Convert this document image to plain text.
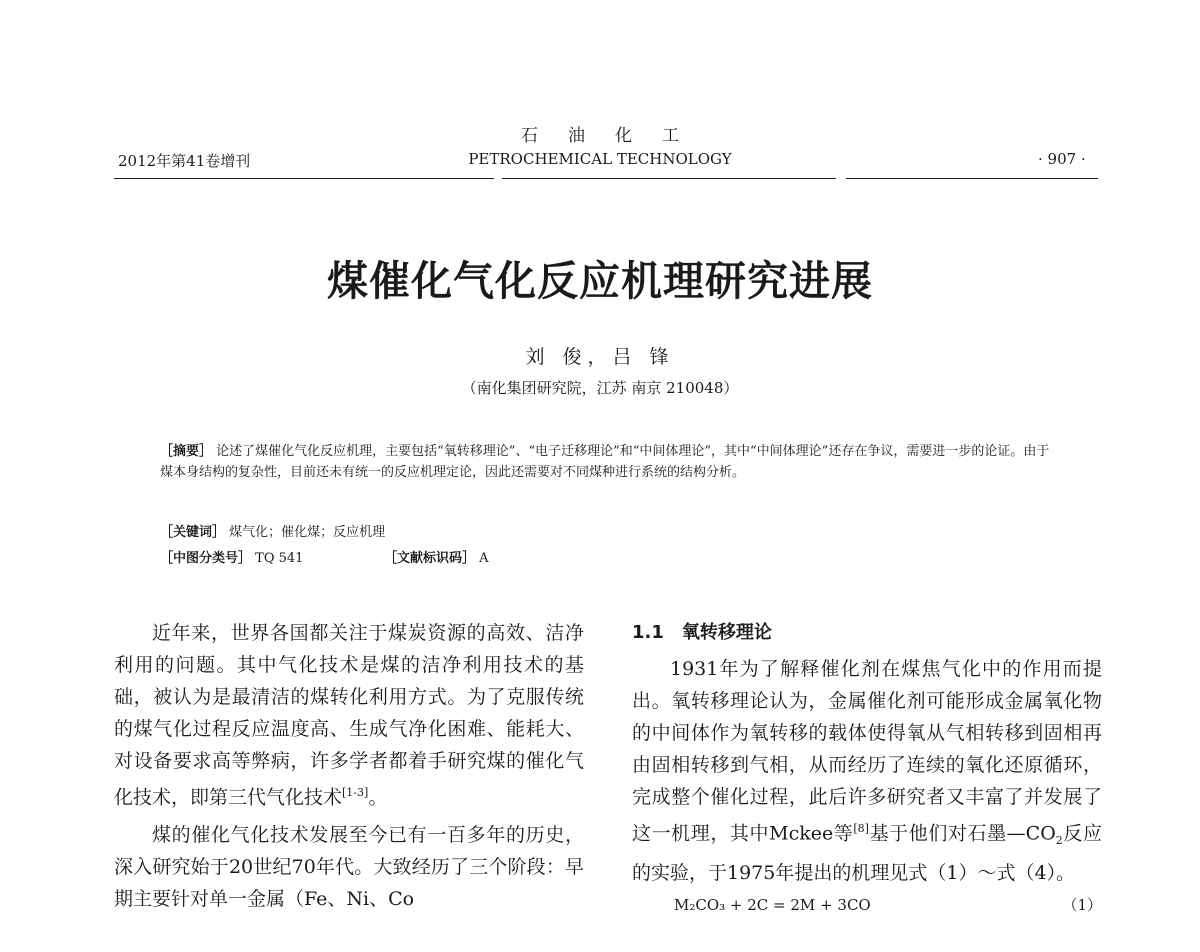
石油化工
2012年第41卷增刊	PETROCHEMICAL TECHNOLOGY	· 907 ·
煤催化气化反应机理研究进展
刘 俊，吕 锋
（南化集团研究院，江苏 南京 210048）
［摘要］ 论述了煤催化气化反应机理，主要包括“氧转移理论”、“电子迁移理论”和“中间体理论”，其中“中间体理论”还存在争议，需要进一步的论证。由于煤本身结构的复杂性，目前还未有统一的反应机理定论，因此还需要对不同煤种进行系统的结构分析。
［关键词］ 煤气化；催化煤；反应机理
［中图分类号］ TQ 541	［文献标识码］ A

近年来，世界各国都关注于煤炭资源的高效、洁净利用的问题。其中气化技术是煤的洁净利用技术的基础，被认为是最清洁的煤转化利用方式。为了克服传统的煤气化过程反应温度高、生成气净化困难、能耗大、对设备要求高等弊病，许多学者都着手研究煤的催化气化技术，即第三代气化技术[1-3]。

煤的催化气化技术发展至今已有一百多年的历史，深入研究始于20世纪70年代。大致经历了三个阶段：早期主要针对单一金属（Fe、Ni、Co

1.1　氧转移理论

1931年为了解释催化剂在煤焦气化中的作用而提出。氧转移理论认为，金属催化剂可能形成金属氧化物的中间体作为氧转移的载体使得氧从气相转移到固相再由固相转移到气相，从而经历了连续的氧化还原循环，完成整个催化过程，此后许多研究者又丰富了并发展了这一机理，其中Mckee等[8]基于他们对石墨$—CO_2$反应的实验，于1975年提出的机理见式（1）～式（4）。

M₂CO₃ + 2C = 2M + 3CO	（1）
